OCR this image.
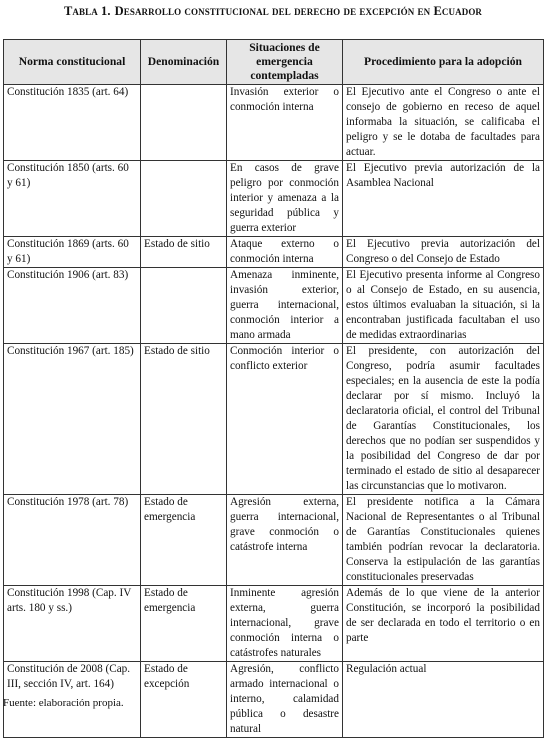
Tabla 1. Desarrollo constitucional del derecho de excepción en Ecuador
Norma constitucional	Denominación	Situaciones de emergencia contempladas	Procedimiento para la adopción
Constitución 1835 (art. 64)		Invasión exterior o conmoción interna	El Ejecutivo ante el Congreso o ante el consejo de gobierno en receso de aquel informaba la situación, se calificaba el peligro y se le dotaba de facultades para actuar.
Constitución 1850 (arts. 60 y 61)		En casos de grave peligro por conmoción interior y amenaza a la seguridad pública y guerra exterior	El Ejecutivo previa autorización de la Asamblea Nacional
Constitución 1869 (arts. 60 y 61)	Estado de sitio	Ataque externo o conmoción interna	El Ejecutivo previa autorización del Congreso o del Consejo de Estado
Constitución 1906 (art. 83)		Amenaza inminente, invasión exterior, guerra internacional, conmoción interior a mano armada	El Ejecutivo presenta informe al Congreso o al Consejo de Estado, en su ausencia, estos últimos evaluaban la situación, si la encontraban justificada facultaban el uso de medidas extraordinarias
Constitución 1967 (art. 185)	Estado de sitio	Conmoción interior o conflicto exterior	El presidente, con autorización del Congreso, podría asumir facultades especiales; en la ausencia de este la podía declarar por sí mismo. Incluyó la declaratoria oficial, el control del Tribunal de Garantías Constitucionales, los derechos que no podían ser suspendidos y la posibilidad del Congreso de dar por terminado el estado de sitio al desaparecer las circunstancias que lo motivaron.
Constitución 1978 (art. 78)	Estado de emergencia	Agresión externa, guerra internacional, grave conmoción o catástrofe interna	El presidente notifica a la Cámara Nacional de Representantes o al Tribunal de Garantías Constitucionales quienes también podrían revocar la declaratoria. Conserva la estipulación de las garantías constitucionales preservadas
Constitución 1998 (Cap. IV arts. 180 y ss.)	Estado de emergencia	Inminente agresión externa, guerra internacional, grave conmoción interna o catástrofes naturales	Además de lo que viene de la anterior Constitución, se incorporó la posibilidad de ser declarada en todo el territorio o en parte
Constitución de 2008 (Cap. III, sección IV, art. 164)	Estado de excepción	Agresión, conflicto armado internacional o interno, calamidad pública o desastre natural	Regulación actual
Fuente: elaboración propia.
